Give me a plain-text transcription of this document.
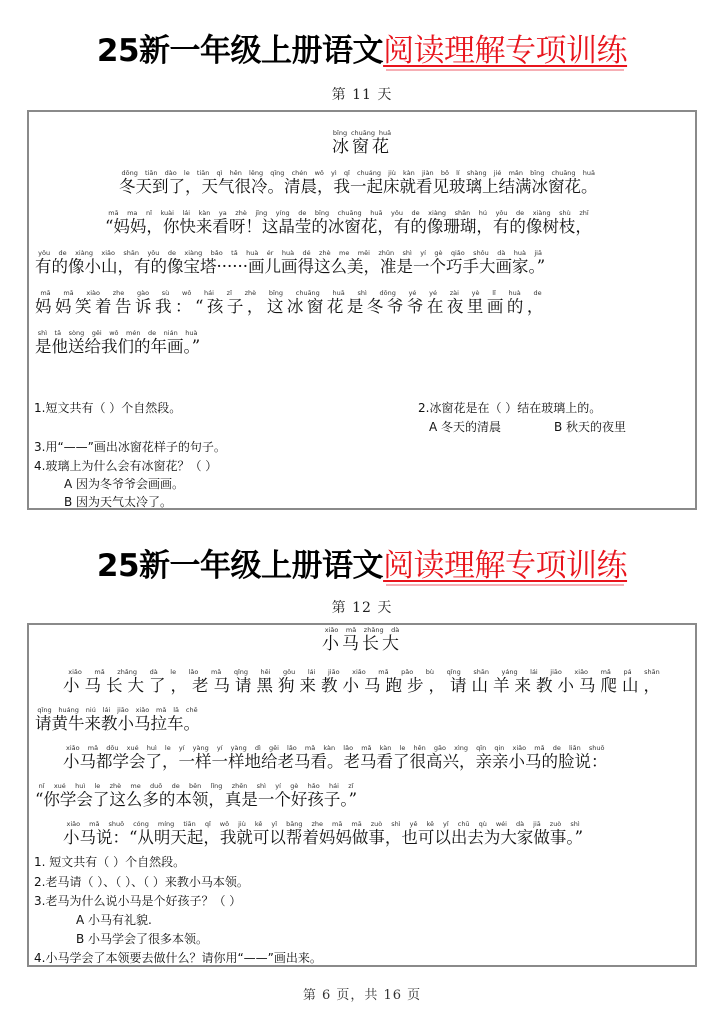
25新一年级上册语文阅读理解专项训练
第 11 天
冰窗花bīng chuāng huā
冬天到了，天气很冷。清晨，我一起床就看见玻璃上结满冰窗花。dōng tiān dào le tiān qì hěn lěng qīng chén wǒ yì qǐ chuáng jiù kàn jiàn bō lí shàng jié mǎn bīng chuāng huā
“妈妈，你快来看呀！这晶莹的冰窗花，有的像珊瑚，有的像树枝，mā ma nǐ kuài lái kàn ya zhè jīng yíng de bīng chuāng huā yǒu de xiàng shān hú yǒu de xiàng shù zhī
有的像小山，有的像宝塔······画儿画得这么美，准是一个巧手大画家。”yǒu de xiàng xiǎo shān yǒu de xiàng bǎo tǎ huà ér huà dé zhè me měi zhǔn shì yí gè qiǎo shǒu dà huà jiā
妈妈笑着告诉我：“孩子，这冰窗花是冬爷爷在夜里画的，mā mā xiào zhe gào sù wǒ hái zǐ zhè bīng chuāng huā shì dōng yé yé zài yè lǐ huà de
是他送给我们的年画。”shì tā sòng gěi wǒ mén de nián huà
1.短文共有（ ）个自然段。	2.冰窗花是在（ ）结在玻璃上的。
A 冬天的清晨	B 秋天的夜里
3.用“——”画出冰窗花样子的句子。
4.玻璃上为什么会有冰窗花？（ ）
A 因为冬爷爷会画画。
B 因为天气太冷了。
25新一年级上册语文阅读理解专项训练
第 12 天
小马长大xiǎo mǎ zhǎng dà
小马长大了，老马请黑狗来教小马跑步，请山羊来教小马爬山，xiǎo mǎ zhǎng dà le lǎo mǎ qǐng hēi gǒu lái jiāo xiǎo mǎ pǎo bù qǐng shān yáng lái jiāo xiǎo mǎ pá shān
请黄牛来教小马拉车。qǐng huáng niú lái jiāo xiǎo mǎ lā chē
小马都学会了，一样一样地给老马看。老马看了很高兴，亲亲小马的脸说：xiǎo mǎ dōu xué huì le yí yàng yí yàng dì gěi lǎo mǎ kàn lǎo mǎ kàn le hěn gāo xìng qīn qin xiǎo mǎ de liǎn shuō
“你学会了这么多的本领，真是一个好孩子。”nǐ xué huì le zhè me duō de běn lǐng zhēn shì yí gè hǎo hái zǐ
小马说：“从明天起，我就可以帮着妈妈做事，也可以出去为大家做事。”xiǎo mǎ shuō cóng míng tiān qǐ wǒ jiù kě yǐ bāng zhe mā mā zuò shì yě kě yǐ chū qù wéi dà jiā zuò shì
1. 短文共有（ ）个自然段。
2.老马请（ ）、（ ）、（ ）来教小马本领。
3.老马为什么说小马是个好孩子？（ ）
A 小马有礼貌.
B 小马学会了很多本领。
4.小马学会了本领要去做什么？请你用“——”画出来。
第 6 页，共 16 页
